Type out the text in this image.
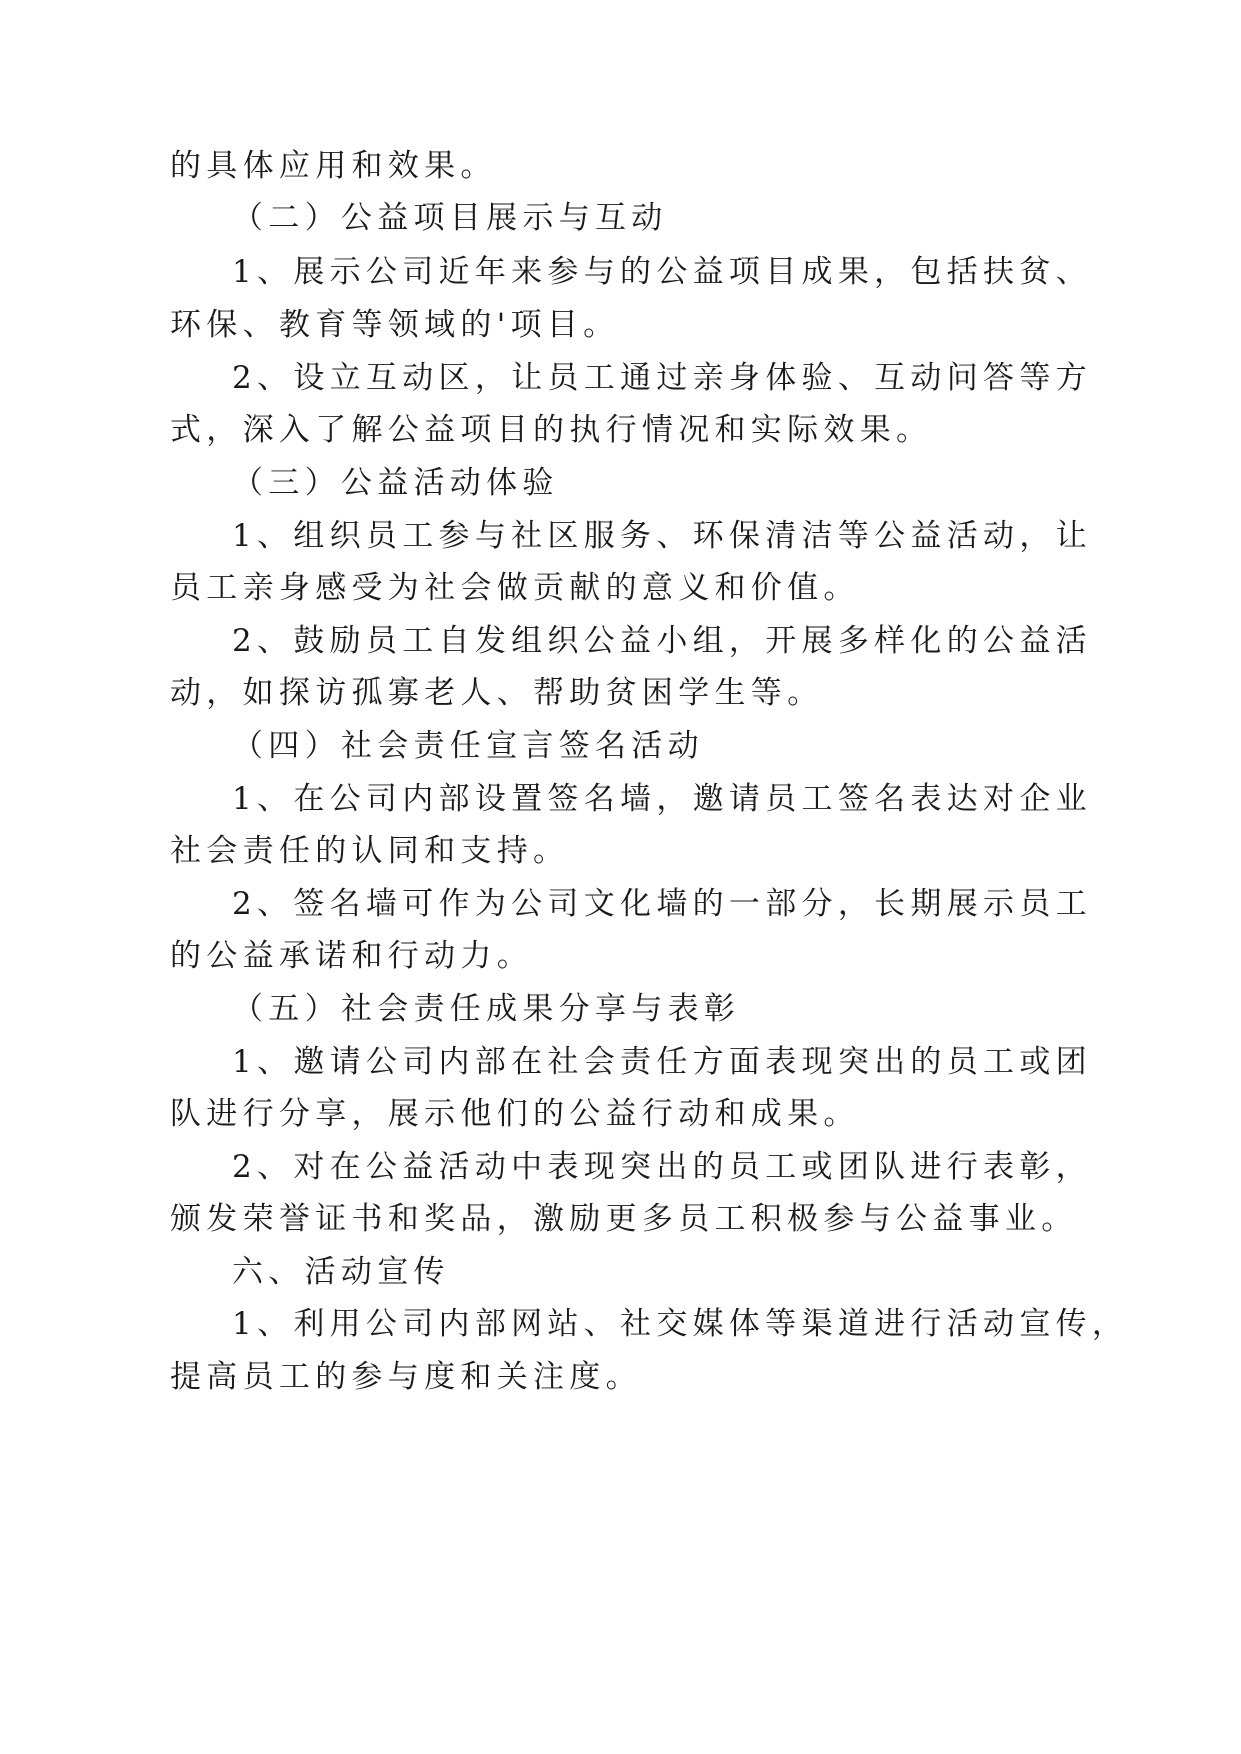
的具体应用和效果。
（二）公益项目展示与互动
1、展示公司近年来参与的公益项目成果，包括扶贫、
环保、教育等领域的'项目。
2、设立互动区，让员工通过亲身体验、互动问答等方
式，深入了解公益项目的执行情况和实际效果。
（三）公益活动体验
1、组织员工参与社区服务、环保清洁等公益活动，让
员工亲身感受为社会做贡献的意义和价值。
2、鼓励员工自发组织公益小组，开展多样化的公益活
动，如探访孤寡老人、帮助贫困学生等。
（四）社会责任宣言签名活动
1、在公司内部设置签名墙，邀请员工签名表达对企业
社会责任的认同和支持。
2、签名墙可作为公司文化墙的一部分，长期展示员工
的公益承诺和行动力。
（五）社会责任成果分享与表彰
1、邀请公司内部在社会责任方面表现突出的员工或团
队进行分享，展示他们的公益行动和成果。
2、对在公益活动中表现突出的员工或团队进行表彰，
颁发荣誉证书和奖品，激励更多员工积极参与公益事业。
六、活动宣传
1、利用公司内部网站、社交媒体等渠道进行活动宣传，
提高员工的参与度和关注度。
